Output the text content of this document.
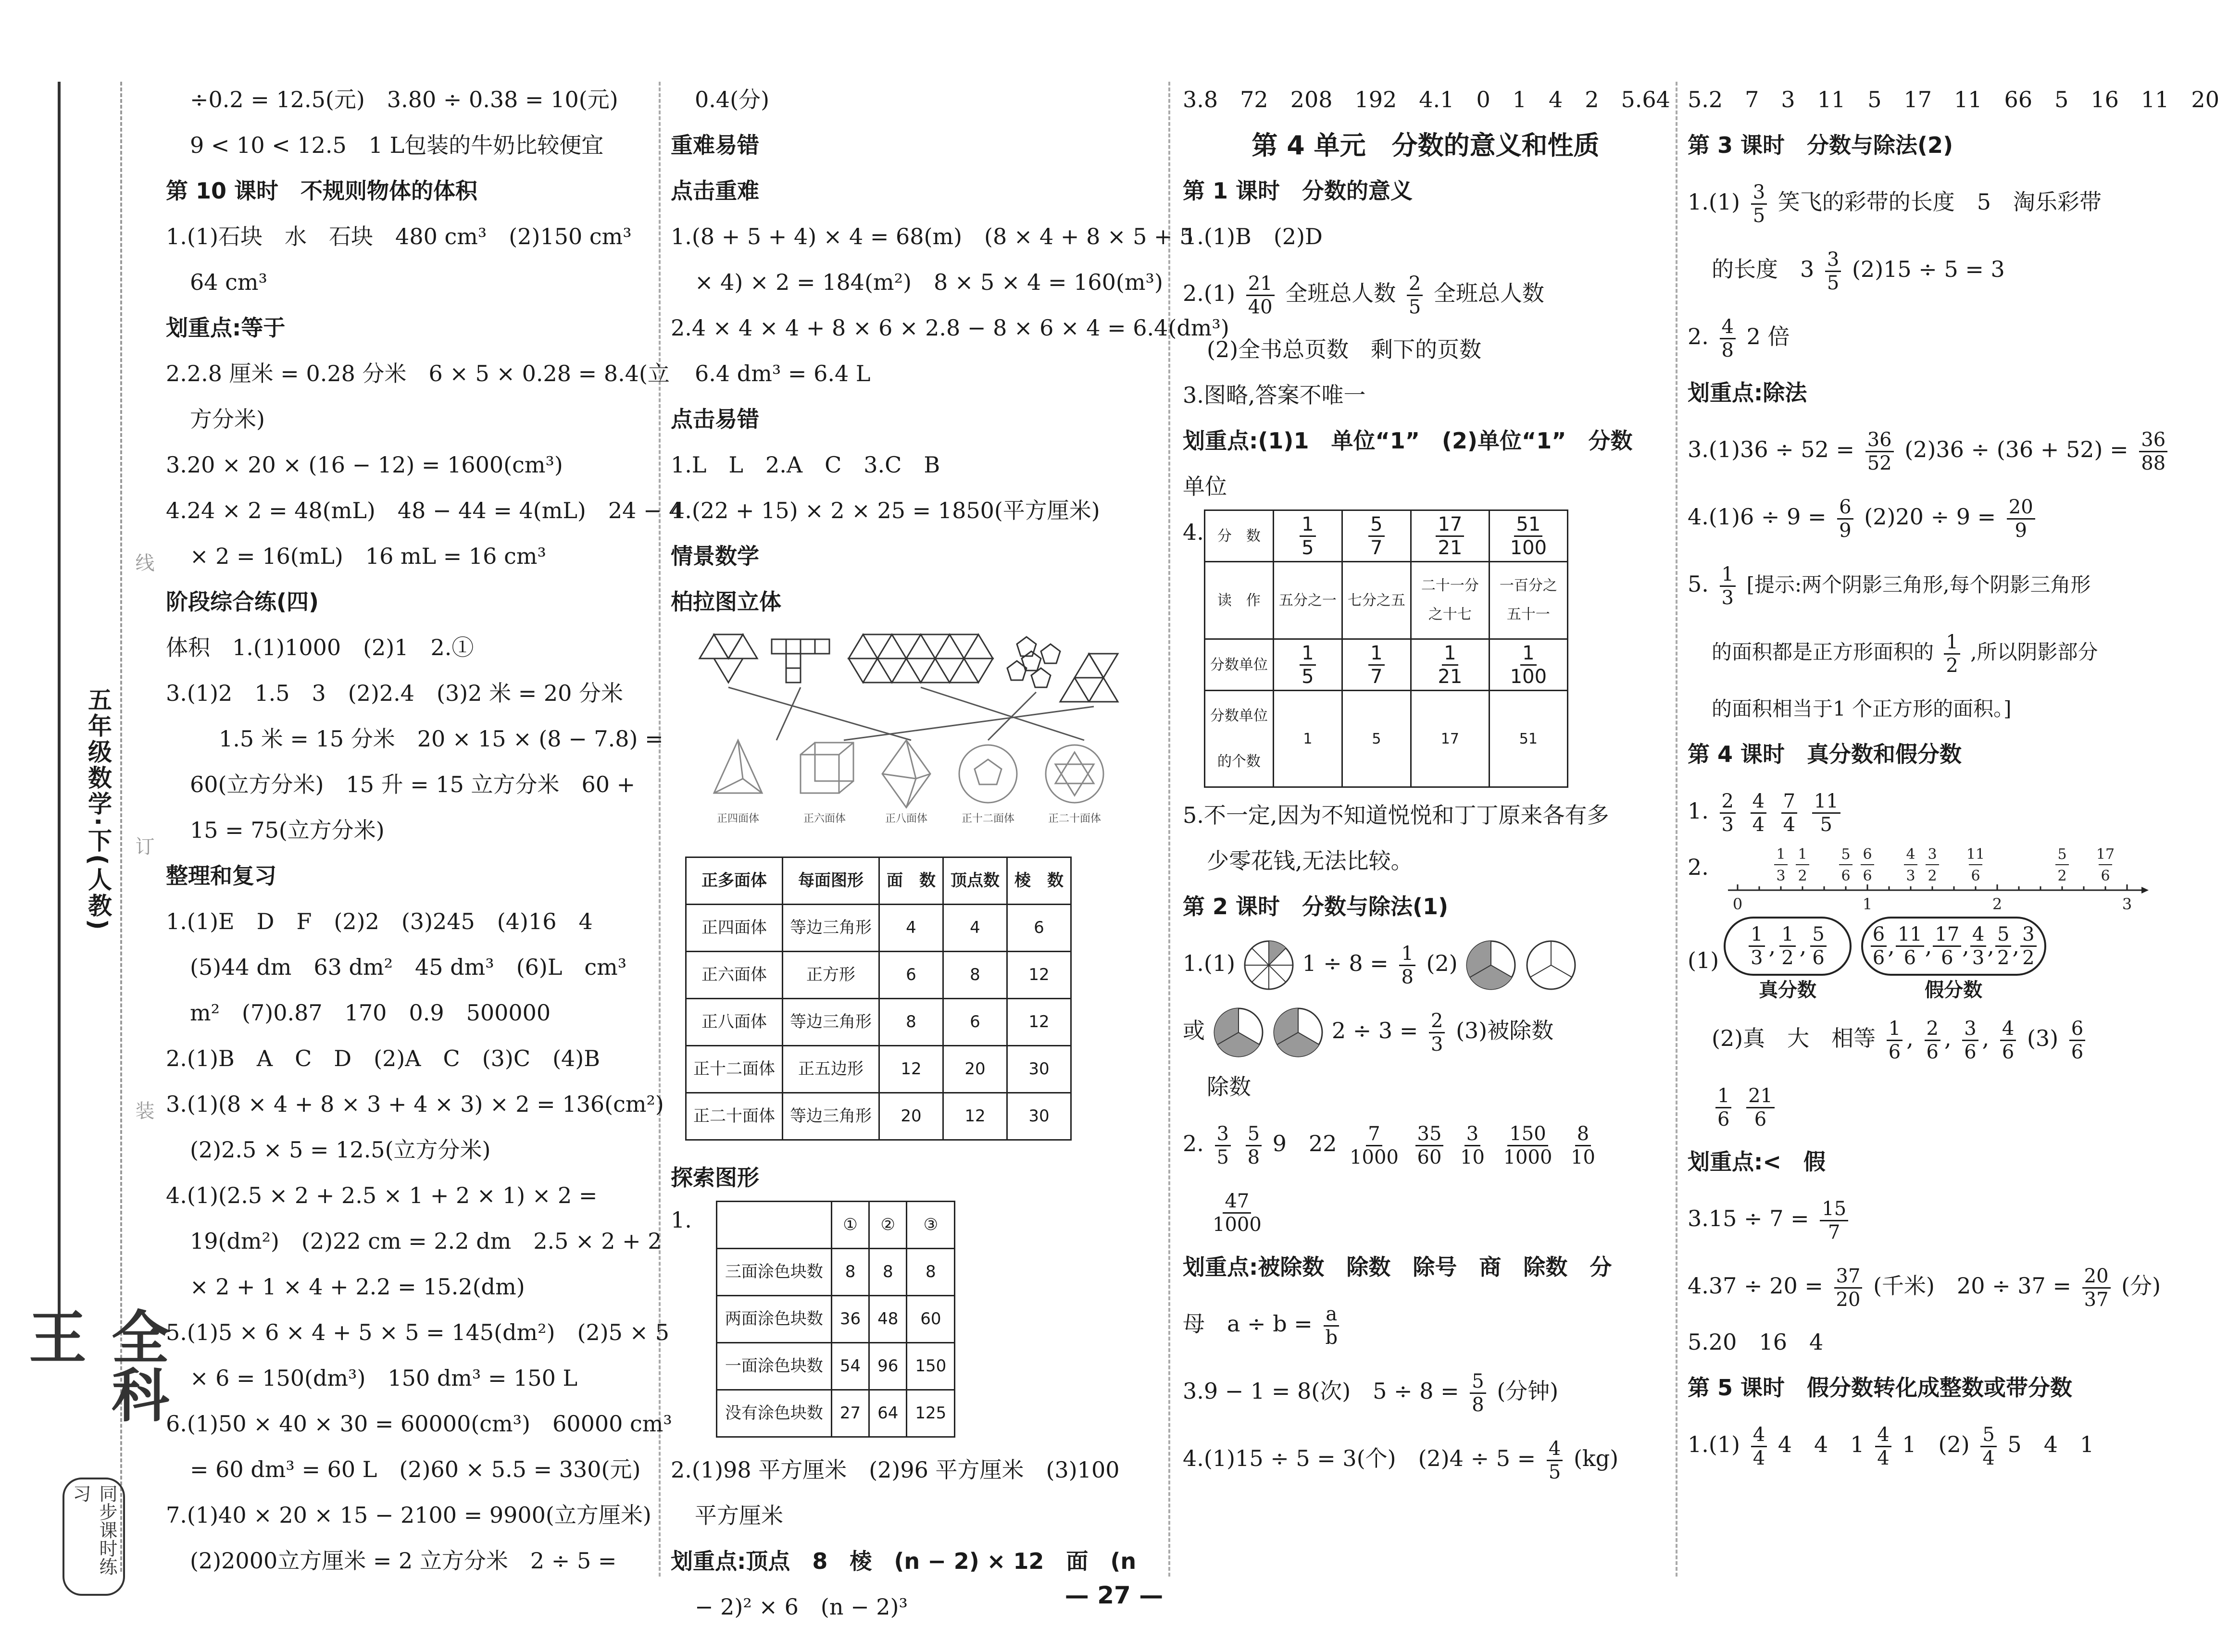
五年级数学·下(人教)
线
订
装
全科王
同步课时练习
÷0.2 = 12.5(元)　3.80 ÷ 0.38 = 10(元)
9 < 10 < 12.5　1 L包装的牛奶比较便宜
第 10 课时　不规则物体的体积
1.(1)石块　水　石块　480 cm³　(2)150 cm³
64 cm³
划重点:等于
2.2.8 厘米 = 0.28 分米　6 × 5 × 0.28 = 8.4(立
方分米)
3.20 × 20 × (16 − 12) = 1600(cm³)
4.24 × 2 = 48(mL)　48 − 44 = 4(mL)　24 − 4
× 2 = 16(mL)　16 mL = 16 cm³
阶段综合练(四)
体积　1.(1)1000　(2)1　2.①
3.(1)2　1.5　3　(2)2.4　(3)2 米 = 20 分米
1.5 米 = 15 分米　20 × 15 × (8 − 7.8) =
60(立方分米)　15 升 = 15 立方分米　60 +
15 = 75(立方分米)
整理和复习
1.(1)E　D　F　(2)2　(3)245　(4)16　4
(5)44 dm　63 dm²　45 dm³　(6)L　cm³
m²　(7)0.87　170　0.9　500000
2.(1)B　A　C　D　(2)A　C　(3)C　(4)B
3.(1)(8 × 4 + 8 × 3 + 4 × 3) × 2 = 136(cm²)
(2)2.5 × 5 = 12.5(立方分米)
4.(1)(2.5 × 2 + 2.5 × 1 + 2 × 1) × 2 =
19(dm²)　(2)22 cm = 2.2 dm　2.5 × 2 + 2
× 2 + 1 × 4 + 2.2 = 15.2(dm)
5.(1)5 × 6 × 4 + 5 × 5 = 145(dm²)　(2)5 × 5
× 6 = 150(dm³)　150 dm³ = 150 L
6.(1)50 × 40 × 30 = 60000(cm³)　60000 cm³
= 60 dm³ = 60 L　(2)60 × 5.5 = 330(元)
7.(1)40 × 20 × 15 − 2100 = 9900(立方厘米)
(2)2000立方厘米 = 2 立方分米　2 ÷ 5 =
0.4(分)
重难易错
点击重难
1.(8 + 5 + 4) × 4 = 68(m)　(8 × 4 + 8 × 5 + 5
× 4) × 2 = 184(m²)　8 × 5 × 4 = 160(m³)
2.4 × 4 × 4 + 8 × 6 × 2.8 − 8 × 6 × 4 = 6.4(dm³)
6.4 dm³ = 6.4 L
点击易错
1.L　L　2.A　C　3.C　B
4.(22 + 15) × 2 × 25 = 1850(平方厘米)
情景数学
柏拉图立体
正四面体	正六面体	正八面体	正十二面体	正二十面体
正多面体	每面图形	面　数	顶点数	棱　数
正四面体	等边三角形	4	4	6
正六面体	正方形	6	8	12
正八面体	等边三角形	8	6	12
正十二面体	正五边形	12	20	30
正二十面体	等边三角形	20	12	30
探索图形
1.
		①	②	③
三面涂色块数	8	8	8
两面涂色块数	36	48	60
一面涂色块数	54	96	150
没有涂色块数	27	64	125
2.(1)98 平方厘米　(2)96 平方厘米　(3)100
平方厘米
划重点:顶点　8　棱　(n − 2) × 12　面　(n
− 2)² × 6　(n − 2)³
3.8　72　208　192　4.1　0　1　4　2　5.64
第 4 单元　分数的意义和性质
第 1 课时　分数的意义
1.(1)B　(2)D
$2.(1) \frac{21}{40}$ 全班总人数 $\frac{2}{5}$ 全班总人数
(2)全书总页数　剩下的页数
3.图略,答案不唯一
划重点:(1)1　单位“1”　(2)单位“1”　分数
单位
4. 分　数	$\frac{1}{5}$	$\frac{5}{7}$	$\frac{17}{21}$	$\frac{51}{100}$

读　作	五分之一	七分之五	二十一分之十七	一百分之五十一
分数单位	$\frac{1}{5}$	$\frac{1}{7}$	$\frac{1}{21}$	$\frac{1}{100}$

分数单位的个数	1	5	17	51
5.不一定,因为不知道悦悦和丁丁原来各有多
少零花钱,无法比较。
第 2 课时　分数与除法(1)
1.(1)	$1 \div 8 = \frac{1}{8} (2)$
或	$2 \div 3 = \frac{2}{3} (3)$被除数
除数
2. $\frac{3}{5}$
$\frac{5}{8} 9$　$22 \frac{7}{1000}$
$\frac{35}{60}$
$\frac{3}{10}$
$\frac{150}{1000}$
$\frac{8}{10}$
$\frac{47}{1000}$
划重点:被除数　除数　除号　商　除数　分
母　$a \div b = \frac{a}{b}$
3.9 − 1 = 8(次)　$5 \div 8 = \frac{5}{8}$ (分钟)
4.(1)15 ÷ 5 = 3(个)　$(2)4 \div 5 = \frac{4}{5} (kg)$
5.2　7　3　11　5　17　11　66　5　16　11　20
第 3 课时　分数与除法(2)
$1.(1) \frac{3}{5}$ 笑飞的彩带的长度　5　淘乐彩带
的长度　$3 \frac{3}{5} (2)15 \div 5 = 3$
2. $\frac{4}{8} 2$ 倍
划重点:除法
$3.(1)36 \div 52 = \frac{36}{52} (2)36 \div (36 + 52) = \frac{36}{88}$
$4.(1)6 \div 9 = \frac{6}{9} (2)20 \div 9 = \frac{20}{9}$
5. $\frac{1}{3}$ [提示:两个阴影三角形,每个阴影三角形
的面积都是正方形面积的 $\frac{1}{2}$ ,所以阴影部分
的面积相当于1 个正方形的面积。]
第 4 课时　真分数和假分数
1. $\frac{2}{3}$
$\frac{4}{4}$
$\frac{7}{4}$
$\frac{11}{5}$
2.	1
3
1
2
5
6
6
6
4
3
3
2
11
6
5
2
17
6
0	1	2	3
$(1) \frac{1}{3}$ , $\frac{1}{2}$ , $\frac{5}{6}$
真分数
$\frac{6}{6}$ , $\frac{11}{6}$ , $\frac{17}{6}$ , $\frac{4}{3}$ , $\frac{5}{2}$ , $\frac{3}{2}$
假分数
(2)真　大　相等 $\frac{1}{6}$ , $\frac{2}{6}$ , $\frac{3}{6}$ , $\frac{4}{6} (3) \frac{6}{6}$
$\frac{1}{6}$
$\frac{21}{6}$
划重点:<　假
$3.15 \div 7 = \frac{15}{7}$
$4.37 \div 20 = \frac{37}{20}$ (千米)　$20 \div 37 = \frac{20}{37}$ (分)
5.20　16　4
第 5 课时　假分数转化成整数或带分数
$1.(1) \frac{4}{4} 4$　4　$1 \frac{4}{4} 1$　$(2) \frac{5}{4} 5$　4　1
— 27 —
